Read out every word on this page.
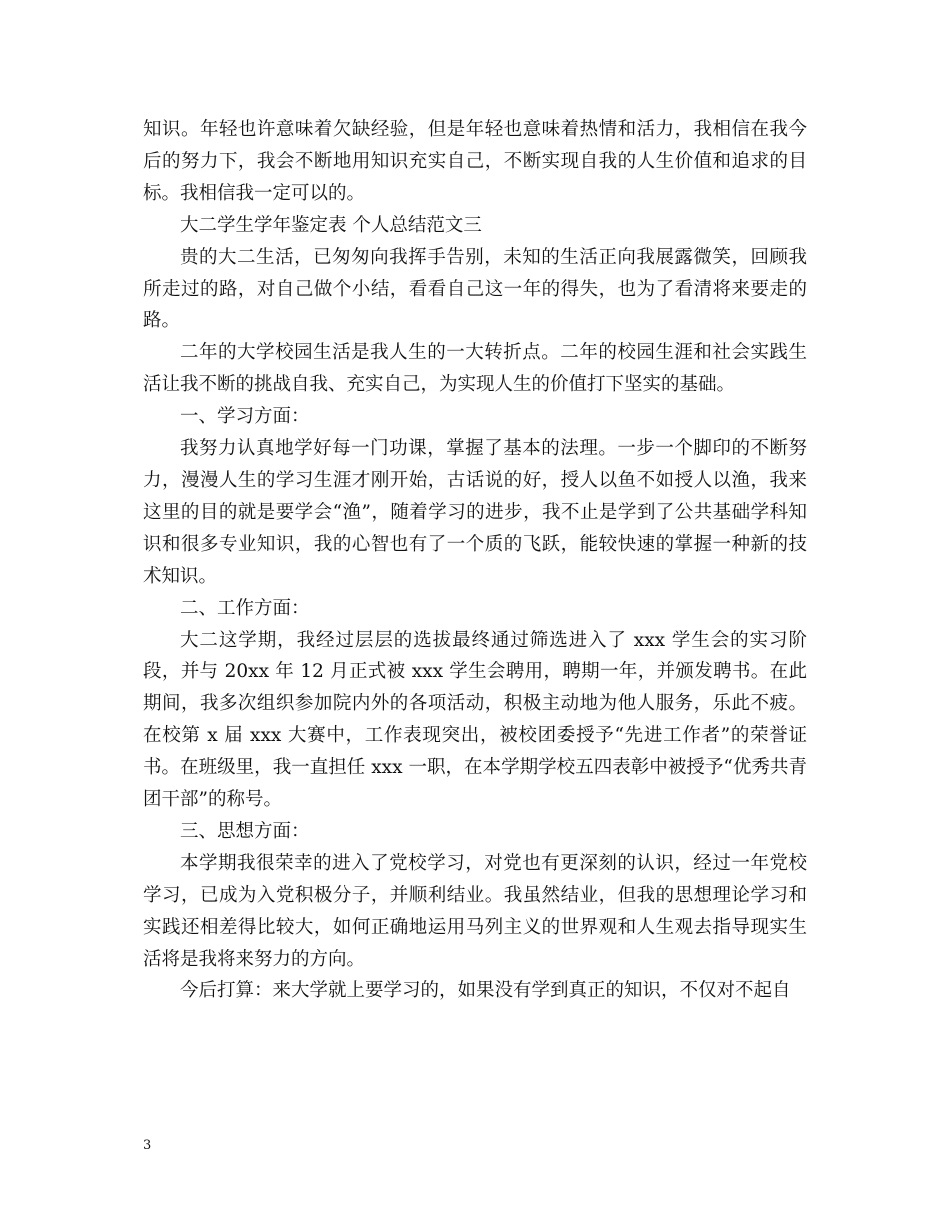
知识。年轻也许意味着欠缺经验，但是年轻也意味着热情和活力，我相信在我今后的努力下，我会不断地用知识充实自己，不断实现自我的人生价值和追求的目标。我相信我一定可以的。

大二学生学年鉴定表 个人总结范文三

贵的大二生活，已匆匆向我挥手告别，未知的生活正向我展露微笑，回顾我所走过的路，对自己做个小结，看看自己这一年的得失，也为了看清将来要走的路。

二年的大学校园生活是我人生的一大转折点。二年的校园生涯和社会实践生活让我不断的挑战自我、充实自己，为实现人生的价值打下坚实的基础。

一、学习方面：

我努力认真地学好每一门功课，掌握了基本的法理。一步一个脚印的不断努力，漫漫人生的学习生涯才刚开始，古话说的好，授人以鱼不如授人以渔，我来这里的目的就是要学会“渔”，随着学习的进步，我不止是学到了公共基础学科知识和很多专业知识，我的心智也有了一个质的飞跃，能较快速的掌握一种新的技术知识。

二、工作方面：

大二这学期，我经过层层的选拔最终通过筛选进入了 xxx 学生会的实习阶段，并与 20xx 年 12 月正式被 xxx 学生会聘用，聘期一年，并颁发聘书。在此期间，我多次组织参加院内外的各项活动，积极主动地为他人服务，乐此不疲。在校第 x 届 xxx 大赛中，工作表现突出，被校团委授予“先进工作者”的荣誉证书。在班级里，我一直担任 xxx 一职，在本学期学校五四表彰中被授予“优秀共青团干部”的称号。

三、思想方面：

本学期我很荣幸的进入了党校学习，对党也有更深刻的认识，经过一年党校学习，已成为入党积极分子，并顺利结业。我虽然结业，但我的思想理论学习和实践还相差得比较大，如何正确地运用马列主义的世界观和人生观去指导现实生活将是我将来努力的方向。

今后打算：来大学就上要学习的，如果没有学到真正的知识，不仅对不起自

3
